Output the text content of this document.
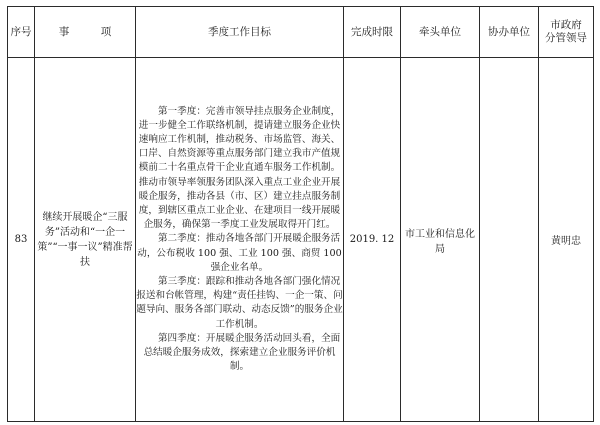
序号	事　　　项	季度工作目标	完成时限	牵头单位	协办单位	市政府
分管领导

83	继续开展暖企“三服务”活动和“一企一策”“一事一议”精准帮扶	第一季度：完善市领导挂点服务企业制度，进一步健全工作联络机制，提请建立服务企业快速响应工作机制，推动税务、市场监管、海关、口岸、自然资源等重点服务部门建立我市产值规模前二十名重点骨干企业直通车服务工作机制。推动市领导率领服务团队深入重点工业企业开展暖企服务，推动各县（市、区）建立挂点服务制度，到辖区重点工业企业、在建项目一线开展暖企服务，确保第一季度工业发展取得开门红。
第二季度：推动各地各部门开展暖企服务活动，公布税收 100 强、工业 100 强、商贸 100 强企业名单。
第三季度：跟踪和推动各地各部门强化情况报送和台帐管理，构建“责任挂钩、一企一策、问题导向、服务各部门联动、动态反馈”的服务企业工作机制。
第四季度：开展暖企服务活动回头看，全面总结暖企服务成效，探索建立企业服务评价机制。	2019. 12	市工业和信息化局		黄明忠
